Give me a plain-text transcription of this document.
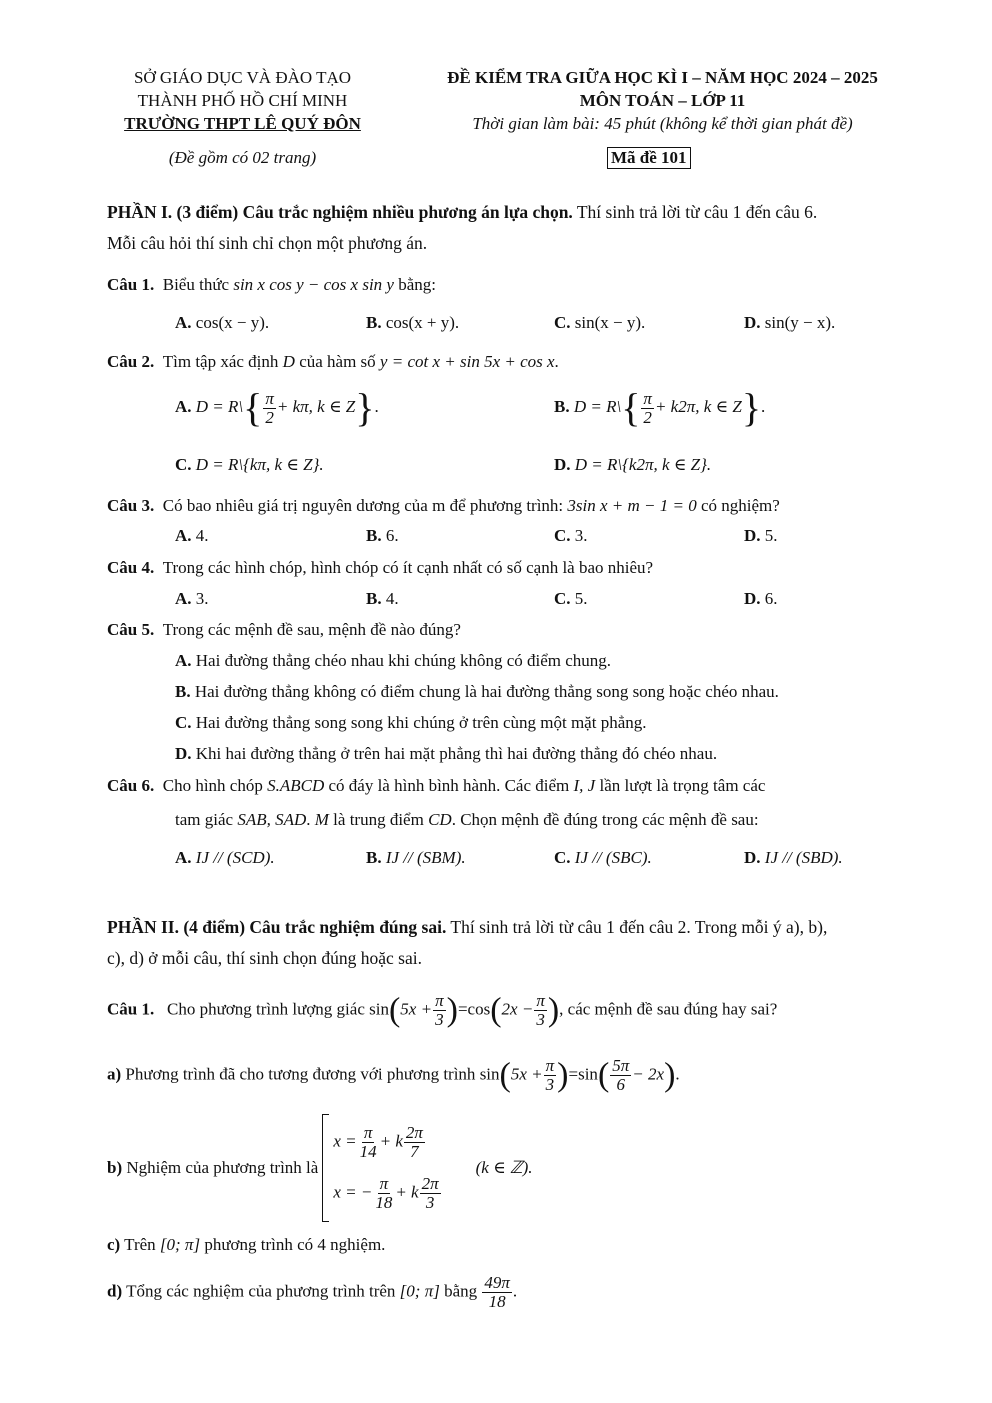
SỞ GIÁO DỤC VÀ ĐÀO TẠO
THÀNH PHỐ HỒ CHÍ MINH
TRƯỜNG THPT LÊ QUÝ ĐÔN
(Đề gồm có 02 trang)
ĐỀ KIỂM TRA GIỮA HỌC KÌ I – NĂM HỌC 2024 – 2025
MÔN TOÁN – LỚP 11
Thời gian làm bài: 45 phút (không kể thời gian phát đề)
Mã đề 101
PHẦN I. (3 điểm) Câu trắc nghiệm nhiều phương án lựa chọn. Thí sinh trả lời từ câu 1 đến câu 6.
Mỗi câu hỏi thí sinh chỉ chọn một phương án.
Câu 1. Biểu thức sin x cos y − cos x sin y bằng:
A. cos(x − y).	B. cos(x + y).	C. sin(x − y).	D. sin(y − x).
Câu 2. Tìm tập xác định D của hàm số y = cot x + sin 5x + cos x.
A. D = R\{ $\frac{\pi}{2} + k\pi$, k ∈ Z}.	B. D = R\{ $\frac{\pi}{2} + k2\pi$, k ∈ Z}.
C. D = R\{kπ, k ∈ Z}.	D. D = R\{k2π, k ∈ Z}.
Câu 3. Có bao nhiêu giá trị nguyên dương của m để phương trình: 3sin x + m − 1 = 0 có nghiệm?
A. 4.	B. 6.	C. 3.	D. 5.
Câu 4. Trong các hình chóp, hình chóp có ít cạnh nhất có số cạnh là bao nhiêu?
A. 3.	B. 4.	C. 5.	D. 6.
Câu 5. Trong các mệnh đề sau, mệnh đề nào đúng?
A. Hai đường thẳng chéo nhau khi chúng không có điểm chung.
B. Hai đường thẳng không có điểm chung là hai đường thẳng song song hoặc chéo nhau.
C. Hai đường thẳng song song khi chúng ở trên cùng một mặt phẳng.
D. Khi hai đường thẳng ở trên hai mặt phẳng thì hai đường thẳng đó chéo nhau.
Câu 6. Cho hình chóp S.ABCD có đáy là hình bình hành. Các điểm I, J lần lượt là trọng tâm các
tam giác SAB, SAD. M là trung điểm CD. Chọn mệnh đề đúng trong các mệnh đề sau:
A. IJ // (SCD).	B. IJ // (SBM).	C. IJ // (SBC).	D. IJ // (SBD).
PHẦN II. (4 điểm) Câu trắc nghiệm đúng sai. Thí sinh trả lời từ câu 1 đến câu 2. Trong mỗi ý a), b),
c), d) ở mỗi câu, thí sinh chọn đúng hoặc sai.
Câu 1. Cho phương trình lượng giác $\sin(5x + \frac{\pi}{3} )=\cos(2x - \frac{\pi}{3}$ ), các mệnh đề sau đúng hay sai?
a) Phương trình đã cho tương đương với phương trình $\sin(5x + \frac{\pi}{3} )=\sin( \frac{5\pi}{6} - 2x)$.
b) Nghiệm của phương trình là
$x = \frac{\pi}{14} + k \frac{2\pi}{7}$
x = − $\frac{\pi}{18} + k \frac{2\pi}{3}$
(k ∈ ℤ).
c) Trên [0; π] phương trình có 4 nghiệm.
d) Tổng các nghiệm của phương trình trên [0; π] bằng $\frac{49\pi}{18}$ .
